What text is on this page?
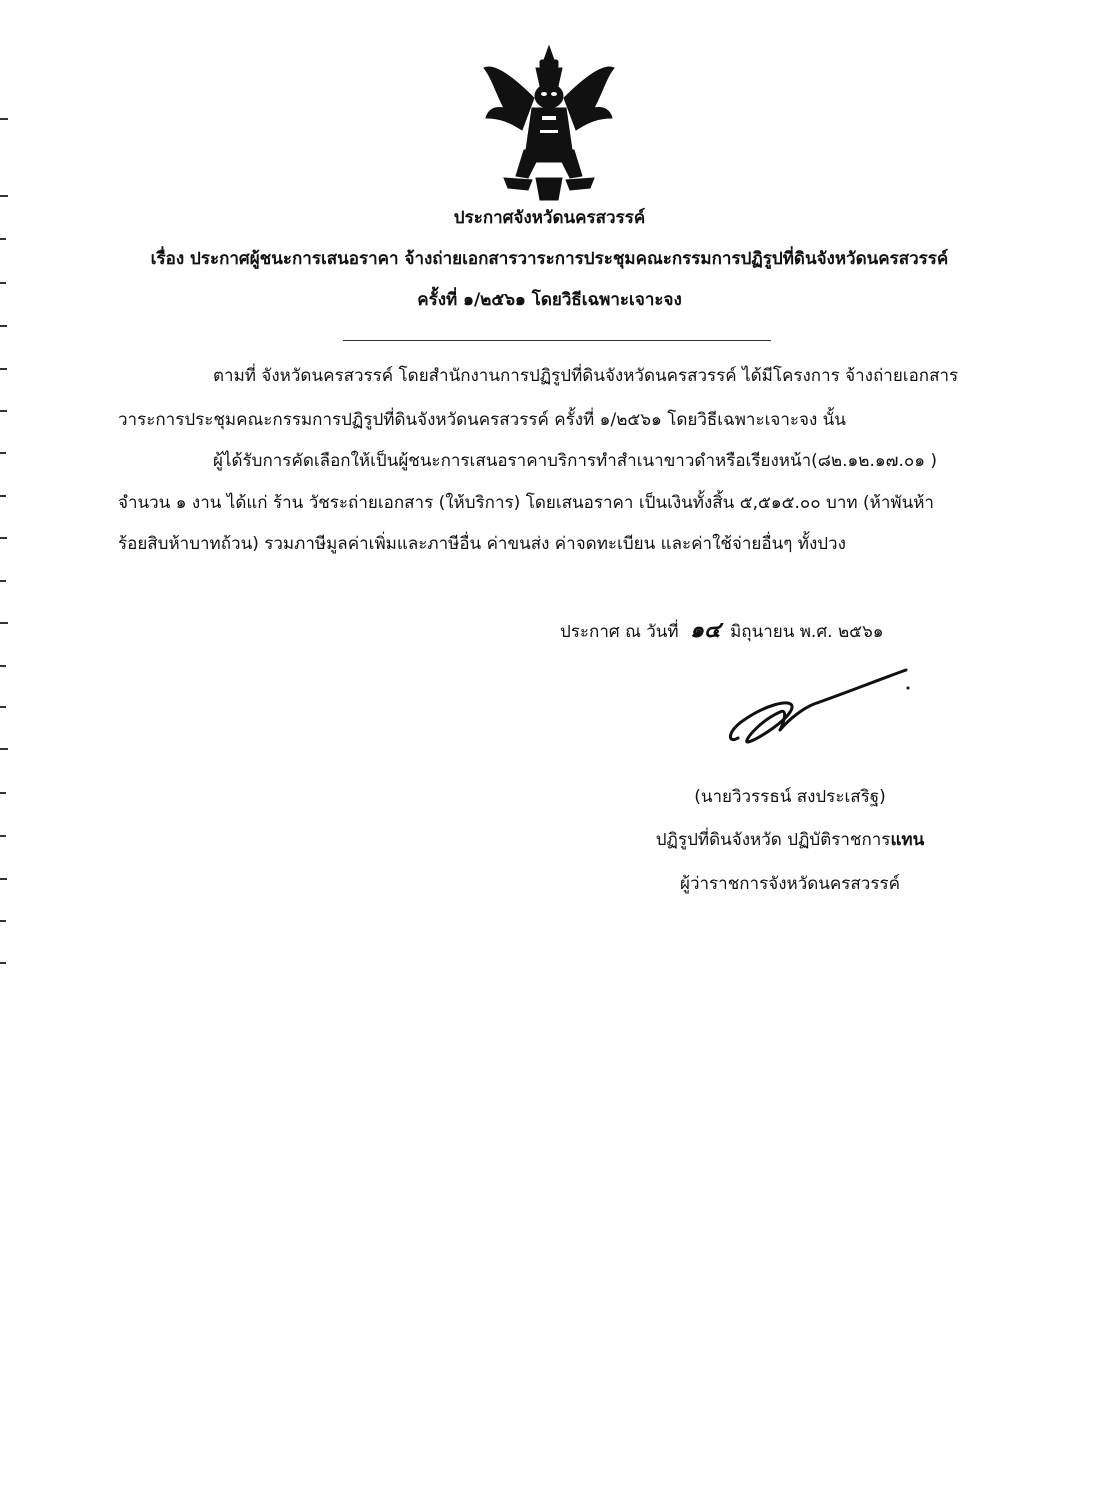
ประกาศจังหวัดนครสวรรค์
เรื่อง ประกาศผู้ชนะการเสนอราคา จ้างถ่ายเอกสารวาระการประชุมคณะกรรมการปฏิรูปที่ดินจังหวัดนครสวรรค์
ครั้งที่ ๑/๒๕๖๑ โดยวิธีเฉพาะเจาะจง
ตามที่ จังหวัดนครสวรรค์ โดยสำนักงานการปฏิรูปที่ดินจังหวัดนครสวรรค์ ได้มีโครงการ จ้างถ่ายเอกสาร
วาระการประชุมคณะกรรมการปฏิรูปที่ดินจังหวัดนครสวรรค์ ครั้งที่ ๑/๒๕๖๑ โดยวิธีเฉพาะเจาะจง นั้น
ผู้ได้รับการคัดเลือกให้เป็นผู้ชนะการเสนอราคาบริการทำสำเนาขาวดำหรือเรียงหน้า(๘๒.๑๒.๑๗.๐๑ )
จำนวน ๑ งาน ได้แก่ ร้าน วัชระถ่ายเอกสาร (ให้บริการ) โดยเสนอราคา เป็นเงินทั้งสิ้น ๕,๕๑๕.๐๐ บาท (ห้าพันห้า
ร้อยสิบห้าบาทถ้วน) รวมภาษีมูลค่าเพิ่มและภาษีอื่น ค่าขนส่ง ค่าจดทะเบียน และค่าใช้จ่ายอื่นๆ ทั้งปวง
ประกาศ ณ วันที่ ๑๔ มิถุนายน พ.ศ. ๒๕๖๑
(นายวิวรรธน์ สงประเสริฐ)
ปฏิรูปที่ดินจังหวัด ปฏิบัติราชการแทน
ผู้ว่าราชการจังหวัดนครสวรรค์
